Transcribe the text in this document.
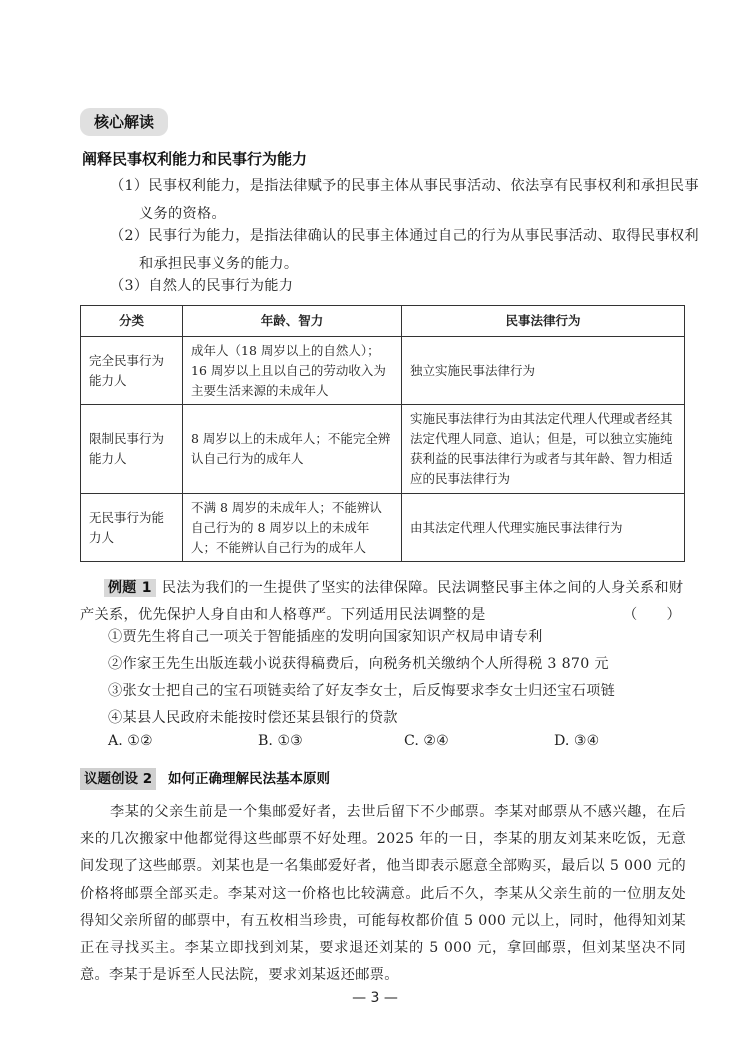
核心解读
阐释民事权利能力和民事行为能力
（1）民事权利能力，是指法律赋予的民事主体从事民事活动、依法享有民事权利和承担民事
义务的资格。
（2）民事行为能力，是指法律确认的民事主体通过自己的行为从事民事活动、取得民事权利
和承担民事义务的能力。
（3）自然人的民事行为能力
分类	年龄、智力	民事法律行为
完全民事行为能力人	成年人（18 周岁以上的自然人）；16 周岁以上且以自己的劳动收入为主要生活来源的未成年人	独立实施民事法律行为
限制民事行为能力人	8 周岁以上的未成年人；不能完全辨认自己行为的成年人	实施民事法律行为由其法定代理人代理或者经其法定代理人同意、追认；但是，可以独立实施纯获利益的民事法律行为或者与其年龄、智力相适应的民事法律行为
无民事行为能力人	不满 8 周岁的未成年人；不能辨认自己行为的 8 周岁以上的未成年人；不能辨认自己行为的成年人	由其法定代理人代理实施民事法律行为
例题 1 民法为我们的一生提供了坚实的法律保障。民法调整民事主体之间的人身关系和财产关系，优先保护人身自由和人格尊严。下列适用民法调整的是	（　　）
①贾先生将自己一项关于智能插座的发明向国家知识产权局申请专利
②作家王先生出版连载小说获得稿费后，向税务机关缴纳个人所得税 3 870 元
③张女士把自己的宝石项链卖给了好友李女士，后反悔要求李女士归还宝石项链
④某县人民政府未能按时偿还某县银行的贷款
A. ①②	B. ①③	C. ②④	D. ③④
议题创设 2 如何正确理解民法基本原则
李某的父亲生前是一个集邮爱好者，去世后留下不少邮票。李某对邮票从不感兴趣，在后来的几次搬家中他都觉得这些邮票不好处理。2025 年的一日，李某的朋友刘某来吃饭，无意间发现了这些邮票。刘某也是一名集邮爱好者，他当即表示愿意全部购买，最后以 5 000 元的价格将邮票全部买走。李某对这一价格也比较满意。此后不久，李某从父亲生前的一位朋友处得知父亲所留的邮票中，有五枚相当珍贵，可能每枚都价值 5 000 元以上，同时，他得知刘某正在寻找买主。李某立即找到刘某，要求退还刘某的 5 000 元，拿回邮票，但刘某坚决不同意。李某于是诉至人民法院，要求刘某返还邮票。
— 3 —
